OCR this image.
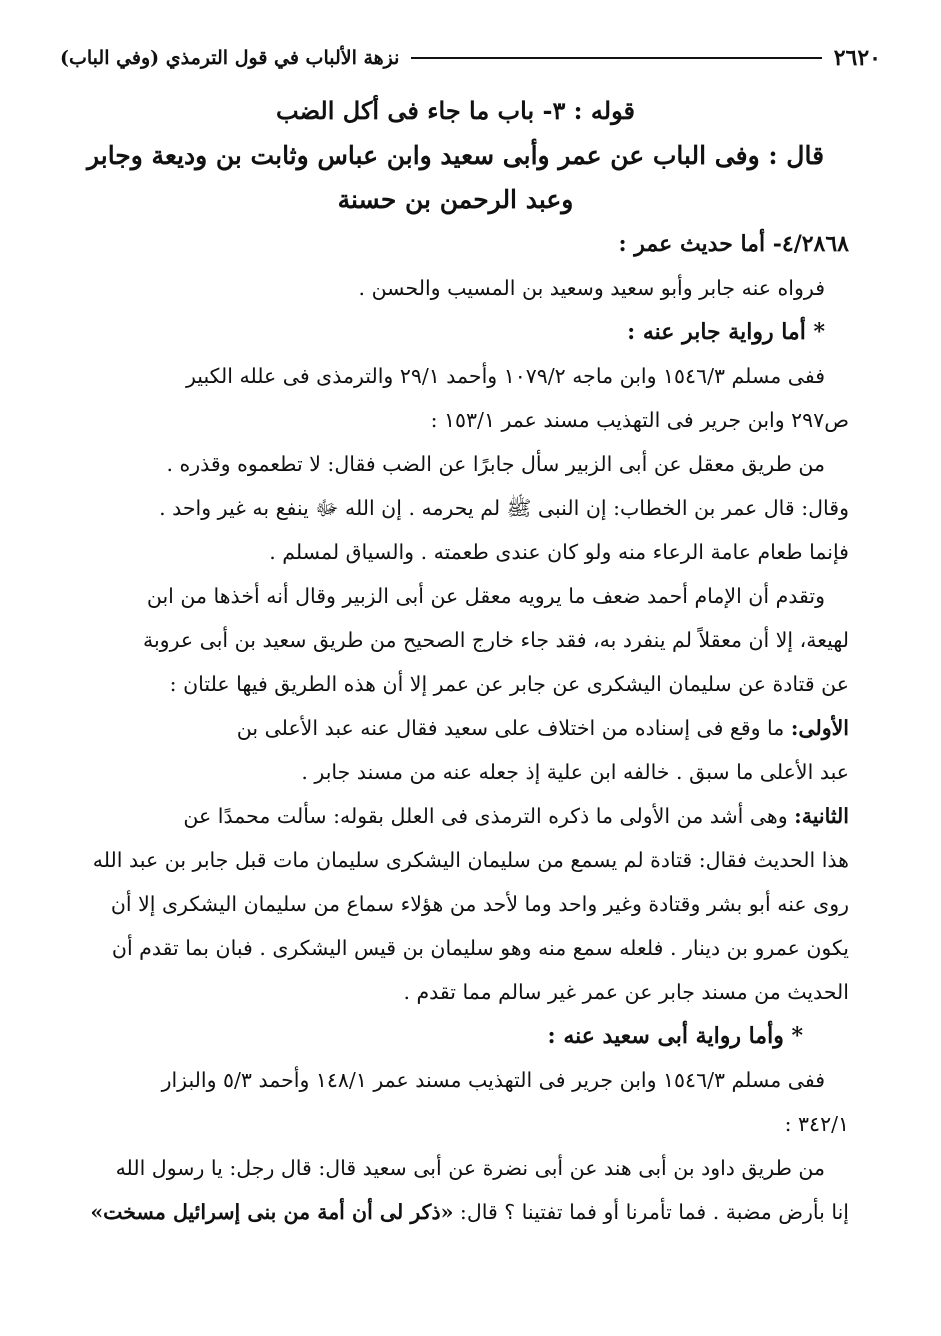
٢٦٢٠
نزهة الألباب في قول الترمذي (وفي الباب)

قوله : ٣- باب ما جاء فى أكل الضب

قال : وفى الباب عن عمر وأبى سعيد وابن عباس وثابت بن وديعة وجابر

وعبد الرحمن بن حسنة

٤/٢٨٦٨- أما حديث عمر :

فرواه عنه جابر وأبو سعيد وسعيد بن المسيب والحسن .

* أما رواية جابر عنه :

ففى مسلم ١٥٤٦/٣ وابن ماجه ١٠٧٩/٢ وأحمد ٢٩/١ والترمذى فى علله الكبير

ص٢٩٧ وابن جرير فى التهذيب مسند عمر ١٥٣/١ :

من طريق معقل عن أبى الزبير سأل جابرًا عن الضب فقال: لا تطعموه وقذره .

وقال: قال عمر بن الخطاب: إن النبى ﷺ لم يحرمه . إن الله ﷻ ينفع به غير واحد .

فإنما طعام عامة الرعاء منه ولو كان عندى طعمته . والسياق لمسلم .

وتقدم أن الإمام أحمد ضعف ما يرويه معقل عن أبى الزبير وقال أنه أخذها من ابن

لهيعة، إلا أن معقلاً لم ينفرد به، فقد جاء خارج الصحيح من طريق سعيد بن أبى عروبة

عن قتادة عن سليمان اليشكرى عن جابر عن عمر إلا أن هذه الطريق فيها علتان :

الأولى: ما وقع فى إسناده من اختلاف على سعيد فقال عنه عبد الأعلى بن

عبد الأعلى ما سبق . خالفه ابن علية إذ جعله عنه من مسند جابر .

الثانية: وهى أشد من الأولى ما ذكره الترمذى فى العلل بقوله: سألت محمدًا عن

هذا الحديث فقال: قتادة لم يسمع من سليمان اليشكرى سليمان مات قبل جابر بن عبد الله

روى عنه أبو بشر وقتادة وغير واحد وما لأحد من هؤلاء سماع من سليمان اليشكرى إلا أن

يكون عمرو بن دينار . فلعله سمع منه وهو سليمان بن قيس اليشكرى . فبان بما تقدم أن

الحديث من مسند جابر عن عمر غير سالم مما تقدم .

* وأما رواية أبى سعيد عنه :

ففى مسلم ١٥٤٦/٣ وابن جرير فى التهذيب مسند عمر ١٤٨/١ وأحمد ٥/٣ والبزار

٣٤٢/١ :

من طريق داود بن أبى هند عن أبى نضرة عن أبى سعيد قال: قال رجل: يا رسول الله

إنا بأرض مضبة . فما تأمرنا أو فما تفتينا ؟ قال: «ذكر لى أن أمة من بنى إسرائيل مسخت»
